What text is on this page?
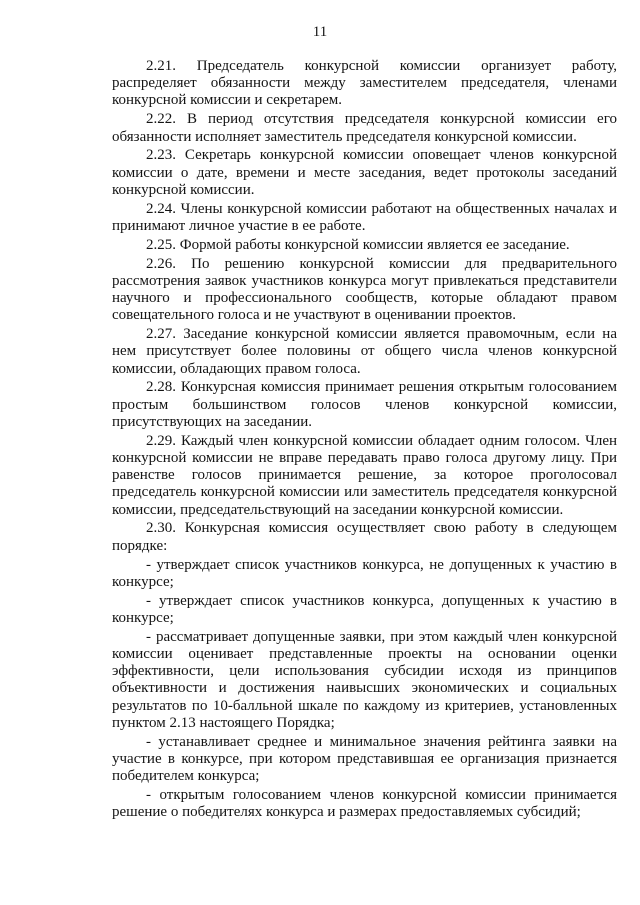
11

2.21. Председатель конкурсной комиссии организует работу, распределяет обязанности между заместителем председателя, членами конкурсной комиссии и секретарем.

2.22. В период отсутствия председателя конкурсной комиссии его обязанности исполняет заместитель председателя конкурсной комиссии.

2.23. Секретарь конкурсной комиссии оповещает членов конкурсной комиссии о дате, времени и месте заседания, ведет протоколы заседаний конкурсной комиссии.

2.24. Члены конкурсной комиссии работают на общественных началах и принимают личное участие в ее работе.

2.25. Формой работы конкурсной комиссии является ее заседание.

2.26. По решению конкурсной комиссии для предварительного рассмотрения заявок участников конкурса могут привлекаться представители научного и профессионального сообществ, которые обладают правом совещательного голоса и не участвуют в оценивании проектов.

2.27. Заседание конкурсной комиссии является правомочным, если на нем присутствует более половины от общего числа членов конкурсной комиссии, обладающих правом голоса.

2.28. Конкурсная комиссия принимает решения открытым голосованием простым большинством голосов членов конкурсной комиссии, присутствующих на заседании.

2.29. Каждый член конкурсной комиссии обладает одним голосом. Член конкурсной комиссии не вправе передавать право голоса другому лицу. При равенстве голосов принимается решение, за которое проголосовал председатель конкурсной комиссии или заместитель председателя конкурсной комиссии, председательствующий на заседании конкурсной комиссии.

2.30. Конкурсная комиссия осуществляет свою работу в следующем порядке:

- утверждает список участников конкурса, не допущенных к участию в конкурсе;

- утверждает список участников конкурса, допущенных к участию в конкурсе;

- рассматривает допущенные заявки, при этом каждый член конкурсной комиссии оценивает представленные проекты на основании оценки эффективности, цели использования субсидии исходя из принципов объективности и достижения наивысших экономических и социальных результатов по 10-балльной шкале по каждому из критериев, установленных пунктом 2.13 настоящего Порядка;

- устанавливает среднее и минимальное значения рейтинга заявки на участие в конкурсе, при котором представившая ее организация признается победителем конкурса;

- открытым голосованием членов конкурсной комиссии принимается решение о победителях конкурса и размерах предоставляемых субсидий;
